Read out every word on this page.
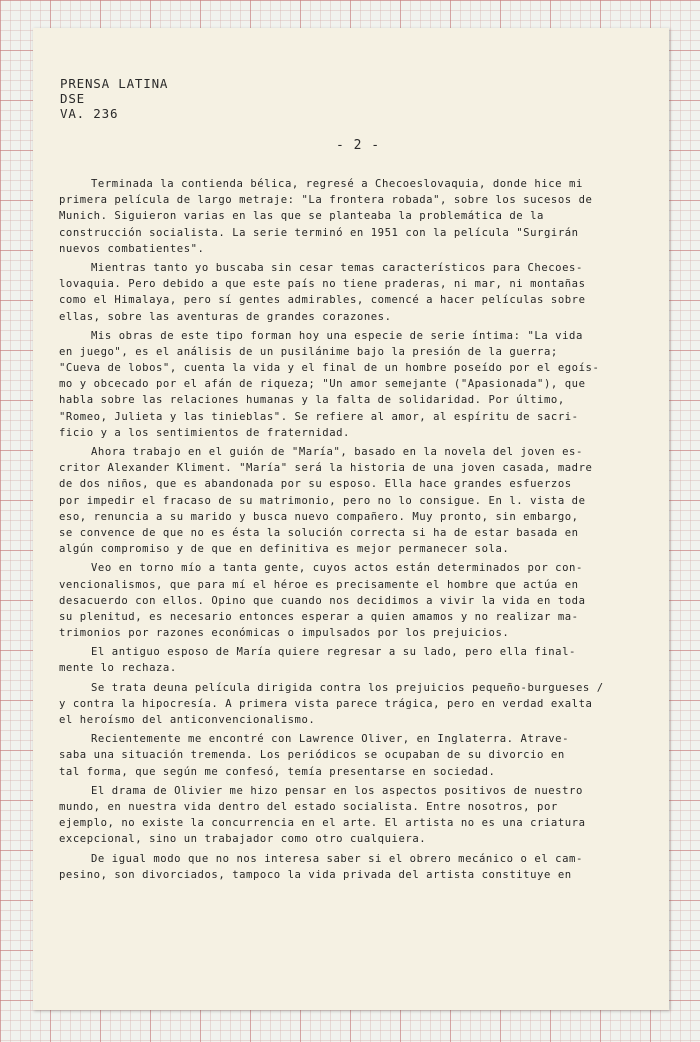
PRENSA LATINA
DSE
VA. 236
- 2 -
Terminada la contienda bélica, regresé a Checoeslovaquia, donde hice mi
primera película de largo metraje: "La frontera robada", sobre los sucesos de
Munich. Siguieron varias en las que se planteaba la problemática de la
construcción socialista. La serie terminó en 1951 con la película "Surgirán
nuevos combatientes".
Mientras tanto yo buscaba sin cesar temas característicos para Checoes-
lovaquia. Pero debido a que este país no tiene praderas, ni mar, ni montañas
como el Himalaya, pero sí gentes admirables, comencé a hacer películas sobre
ellas, sobre las aventuras de grandes corazones.
Mis obras de este tipo forman hoy una especie de serie íntima: "La vida
en juego", es el análisis de un pusilánime bajo la presión de la guerra;
"Cueva de lobos", cuenta la vida y el final de un hombre poseído por el egoís-
mo y obcecado por el afán de riqueza; "Un amor semejante ("Apasionada"), que
habla sobre las relaciones humanas y la falta de solidaridad. Por último,
"Romeo, Julieta y las tinieblas". Se refiere al amor, al espíritu de sacri-
ficio y a los sentimientos de fraternidad.
Ahora trabajo en el guión de "María", basado en la novela del joven es-
critor Alexander Kliment. "María" será la historia de una joven casada, madre
de dos niños, que es abandonada por su esposo. Ella hace grandes esfuerzos
por impedir el fracaso de su matrimonio, pero no lo consigue. En l. vista de
eso, renuncia a su marido y busca nuevo compañero. Muy pronto, sin embargo,
se convence de que no es ésta la solución correcta si ha de estar basada en
algún compromiso y de que en definitiva es mejor permanecer sola.
Veo en torno mío a tanta gente, cuyos actos están determinados por con-
vencionalismos, que para mí el héroe es precisamente el hombre que actúa en
desacuerdo con ellos. Opino que cuando nos decidimos a vivir la vida en toda
su plenitud, es necesario entonces esperar a quien amamos y no realizar ma-
trimonios por razones económicas o impulsados por los prejuicios.
El antiguo esposo de María quiere regresar a su lado, pero ella final-
mente lo rechaza.
Se trata deuna película dirigida contra los prejuicios pequeño-burgueses /
y contra la hipocresía. A primera vista parece trágica, pero en verdad exalta
el heroísmo del anticonvencionalismo.
Recientemente me encontré con Lawrence Oliver, en Inglaterra. Atrave-
saba una situación tremenda. Los periódicos se ocupaban de su divorcio en
tal forma, que según me confesó, temía presentarse en sociedad.
El drama de Olivier me hizo pensar en los aspectos positivos de nuestro
mundo, en nuestra vida dentro del estado socialista. Entre nosotros, por
ejemplo, no existe la concurrencia en el arte. El artista no es una criatura
excepcional, sino un trabajador como otro cualquiera.
De igual modo que no nos interesa saber si el obrero mecánico o el cam-
pesino, son divorciados, tampoco la vida privada del artista constituye en
